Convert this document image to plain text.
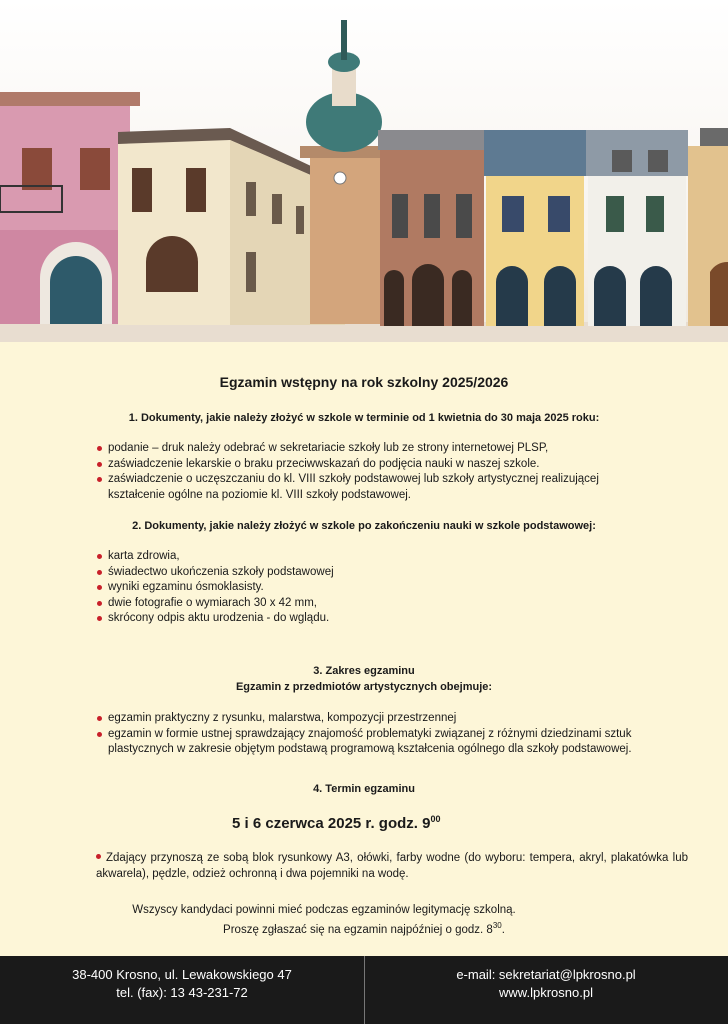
Egzamin wstępny na rok szkolny 2025/2026
1. Dokumenty, jakie należy złożyć w szkole w terminie od 1 kwietnia do 30 maja 2025 roku:
podanie – druk należy odebrać w sekretariacie szkoły lub ze strony internetowej PLSP,
zaświadczenie lekarskie o braku przeciwwskazań do podjęcia nauki w naszej szkole.
zaświadczenie o uczęszczaniu do kl. VIII szkoły podstawowej lub szkoły artystycznej realizującej kształcenie ogólne na poziomie kl. VIII szkoły podstawowej.
2. Dokumenty, jakie należy złożyć w szkole po zakończeniu nauki w szkole podstawowej:
karta zdrowia,
świadectwo ukończenia szkoły podstawowej
wyniki egzaminu ósmoklasisty.
dwie fotografie o wymiarach 30 x 42 mm,
skrócony odpis aktu urodzenia - do wglądu.
3. Zakres egzaminu
Egzamin z przedmiotów artystycznych obejmuje:
egzamin praktyczny z rysunku, malarstwa, kompozycji przestrzennej
egzamin w formie ustnej sprawdzający znajomość problematyki związanej z różnymi dziedzinami sztuk plastycznych w zakresie objętym podstawą programową kształcenia ogólnego dla szkoły podstawowej.
4. Termin egzaminu
5 i 6 czerwca 2025 r. godz. $9^{00}$
Zdający przynoszą ze sobą blok rysunkowy A3, ołówki, farby wodne (do wyboru: tempera, akryl, plakatówka lub akwarela), pędzle, odzież ochronną i dwa pojemniki na wodę.
Wszyscy kandydaci powinni mieć podczas egzaminów legitymację szkolną.
Proszę zgłaszać się na egzamin najpóźniej o godz. $8^{30}$.
38-400 Krosno, ul. Lewakowskiego 47
tel. (fax): 13 43-231-72
e-mail: sekretariat@lpkrosno.pl
www.lpkrosno.pl
